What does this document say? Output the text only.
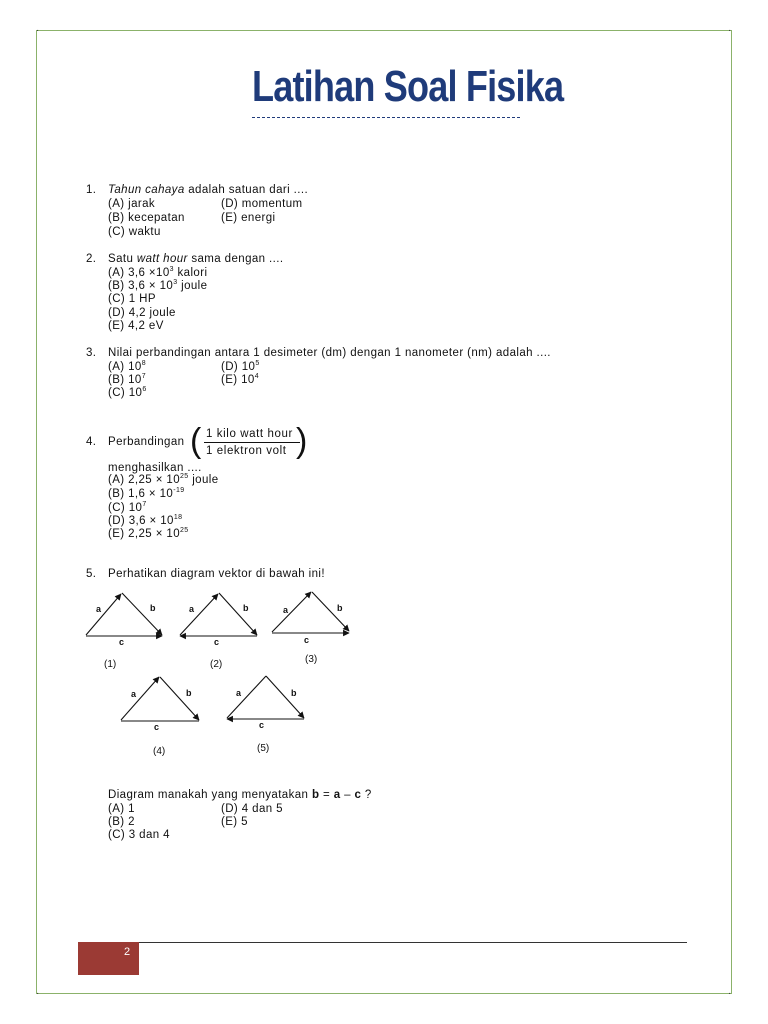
·	·
·	·
Latihan Soal Fisika
1. Tahun cahaya adalah satuan dari ....
(A) jarak
(B) kecepatan
(C) waktu
(D) momentum
(E) energi
2. Satu watt hour sama dengan ....
(A) $3,6 \times 10^3$ kalori
(B) $3,6 \times 10^3$ joule
(C) 1 HP
(D) 4,2 joule
(E) 4,2 eV
3. Nilai perbandingan antara 1 desimeter (dm) dengan 1 nanometer (nm) adalah ....
(A) $10^8$
(B) $10^7$
(C) $10^6$
(D) $10^5$
(E) $10^4$
4. Perbandingan
menghasilkan ....
(A) $2,25 \times 10^{25}$ joule
(B) $1,6 \times 10^{-19}$
(C) $10^7$
(D) $3,6 \times 10^{18}$
(E) $2,25 \times 10^{25}$
( 1 kilo watt hour
1 elektron volt )
5. Perhatikan diagram vektor di bawah ini!
a	b
c
a	b
c
a	b
c
a	b
c
a	b
c
(1)	(2)	(3)
(4)	(5)
Diagram manakah yang menyatakan b = a – c ?
(A) 1
(B) 2
(C) 3 dan 4
(D) 4 dan 5
(E) 5
2
